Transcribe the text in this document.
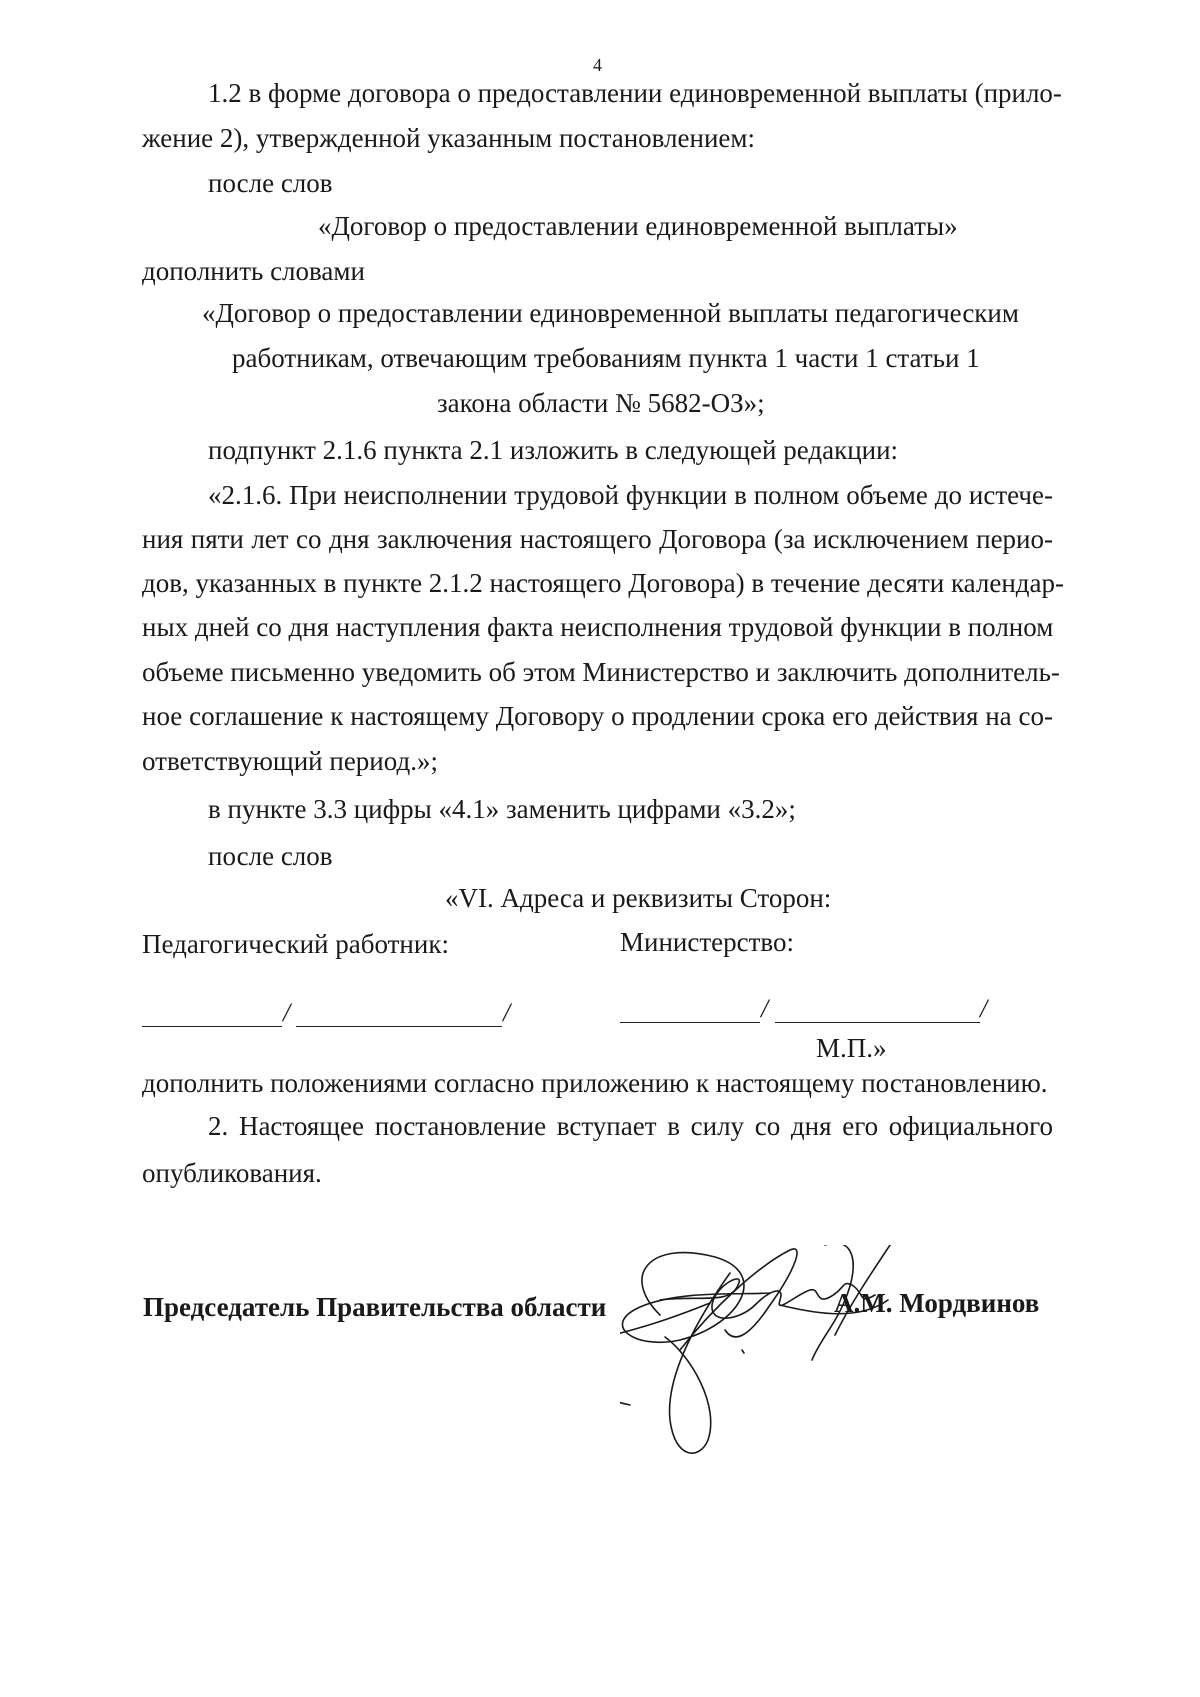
4
1.2 в форме договора о предоставлении единовременной выплаты (прило-
жение 2), утвержденной указанным постановлением:
после слов
«Договор о предоставлении единовременной выплаты»
дополнить словами
«Договор о предоставлении единовременной выплаты педагогическим
работникам, отвечающим требованиям пункта 1 части 1 статьи 1
закона области № 5682-ОЗ»;
подпункт 2.1.6 пункта 2.1 изложить в следующей редакции:
«2.1.6. При неисполнении трудовой функции в полном объеме до истече-
ния пяти лет со дня заключения настоящего Договора (за исключением перио-
дов, указанных в пункте 2.1.2 настоящего Договора) в течение десяти календар-
ных дней со дня наступления факта неисполнения трудовой функции в полном
объеме письменно уведомить об этом Министерство и заключить дополнитель-
ное соглашение к настоящему Договору о продлении срока его действия на со-
ответствующий период.»;
в пункте 3.3 цифры «4.1» заменить цифрами «3.2»;
после слов
«VI. Адреса и реквизиты Сторон:
Педагогический работник:	Министерство:
/	/	/	/
М.П.»
дополнить положениями согласно приложению к настоящему постановлению.
2. Настоящее постановление вступает в силу со дня его официального
опубликования.
Председатель Правительства области	А.М. Мордвинов
